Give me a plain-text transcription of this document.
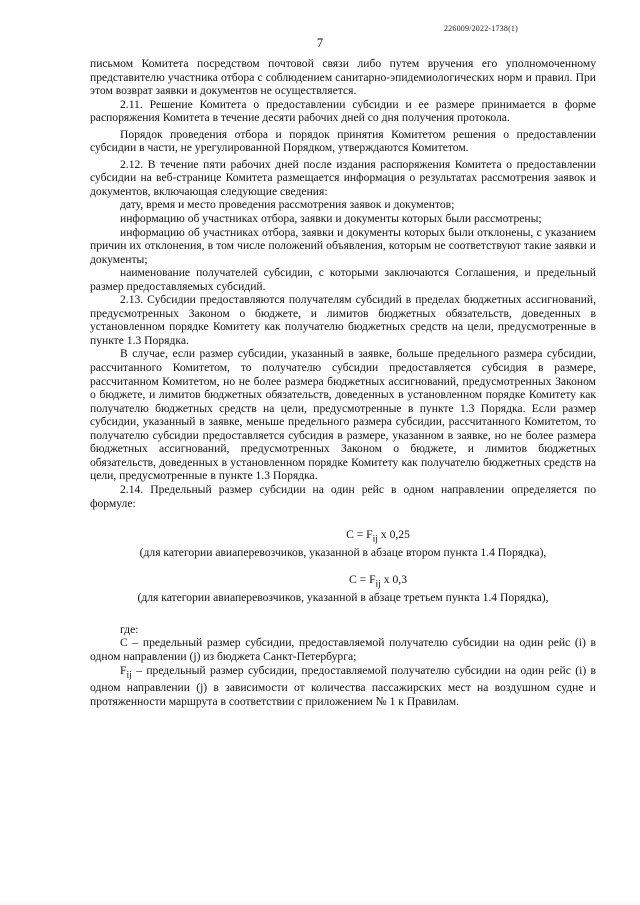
226009/2022-1738(1)
7

письмом Комитета посредством почтовой связи либо путем вручения его уполномоченному представителю участника отбора с соблюдением санитарно-эпидемиологических норм и правил. При этом возврат заявки и документов не осуществляется.

2.11. Решение Комитета о предоставлении субсидии и ее размере принимается в форме распоряжения Комитета в течение десяти рабочих дней со дня получения протокола.

Порядок проведения отбора и порядок принятия Комитетом решения о предоставлении субсидии в части, не урегулированной Порядком, утверждаются Комитетом.

2.12. В течение пяти рабочих дней после издания распоряжения Комитета о предоставлении субсидии на веб-странице Комитета размещается информация о результатах рассмотрения заявок и документов, включающая следующие сведения:

дату, время и место проведения рассмотрения заявок и документов;

информацию об участниках отбора, заявки и документы которых были рассмотрены;

информацию об участниках отбора, заявки и документы которых были отклонены, с указанием причин их отклонения, в том числе положений объявления, которым не соответствуют такие заявки и документы;

наименование получателей субсидии, с которыми заключаются Соглашения, и предельный размер предоставляемых субсидий.

2.13. Субсидии предоставляются получателям субсидий в пределах бюджетных ассигнований, предусмотренных Законом о бюджете, и лимитов бюджетных обязательств, доведенных в установленном порядке Комитету как получателю бюджетных средств на цели, предусмотренные в пункте 1.3 Порядка.

В случае, если размер субсидии, указанный в заявке, больше предельного размера субсидии, рассчитанного Комитетом, то получателю субсидии предоставляется субсидия в размере, рассчитанном Комитетом, но не более размера бюджетных ассигнований, предусмотренных Законом о бюджете, и лимитов бюджетных обязательств, доведенных в установленном порядке Комитету как получателю бюджетных средств на цели, предусмотренные в пункте 1.3 Порядка. Если размер субсидии, указанный в заявке, меньше предельного размера субсидии, рассчитанного Комитетом, то получателю субсидии предоставляется субсидия в размере, указанном в заявке, но не более размера бюджетных ассигнований, предусмотренных Законом о бюджете, и лимитов бюджетных обязательств, доведенных в установленном порядке Комитету как получателю бюджетных средств на цели, предусмотренные в пункте 1.3 Порядка.

2.14. Предельный размер субсидии на один рейс в одном направлении определяется по формуле:

$C = F_{ij}$ x 0,25

(для категории авиаперевозчиков, указанной в абзаце втором пункта 1.4 Порядка),

$C = F_{ij}$ x 0,3

(для категории авиаперевозчиков, указанной в абзаце третьем пункта 1.4 Порядка),

где:

С – предельный размер субсидии, предоставляемой получателю субсидии на один рейс (i) в одном направлении (j) из бюджета Санкт-Петербурга;

$F_{ij}$ – предельный размер субсидии, предоставляемой получателю субсидии на один рейс (i) в одном направлении (j) в зависимости от количества пассажирских мест на воздушном судне и протяженности маршрута в соответствии с приложением № 1 к Правилам.
